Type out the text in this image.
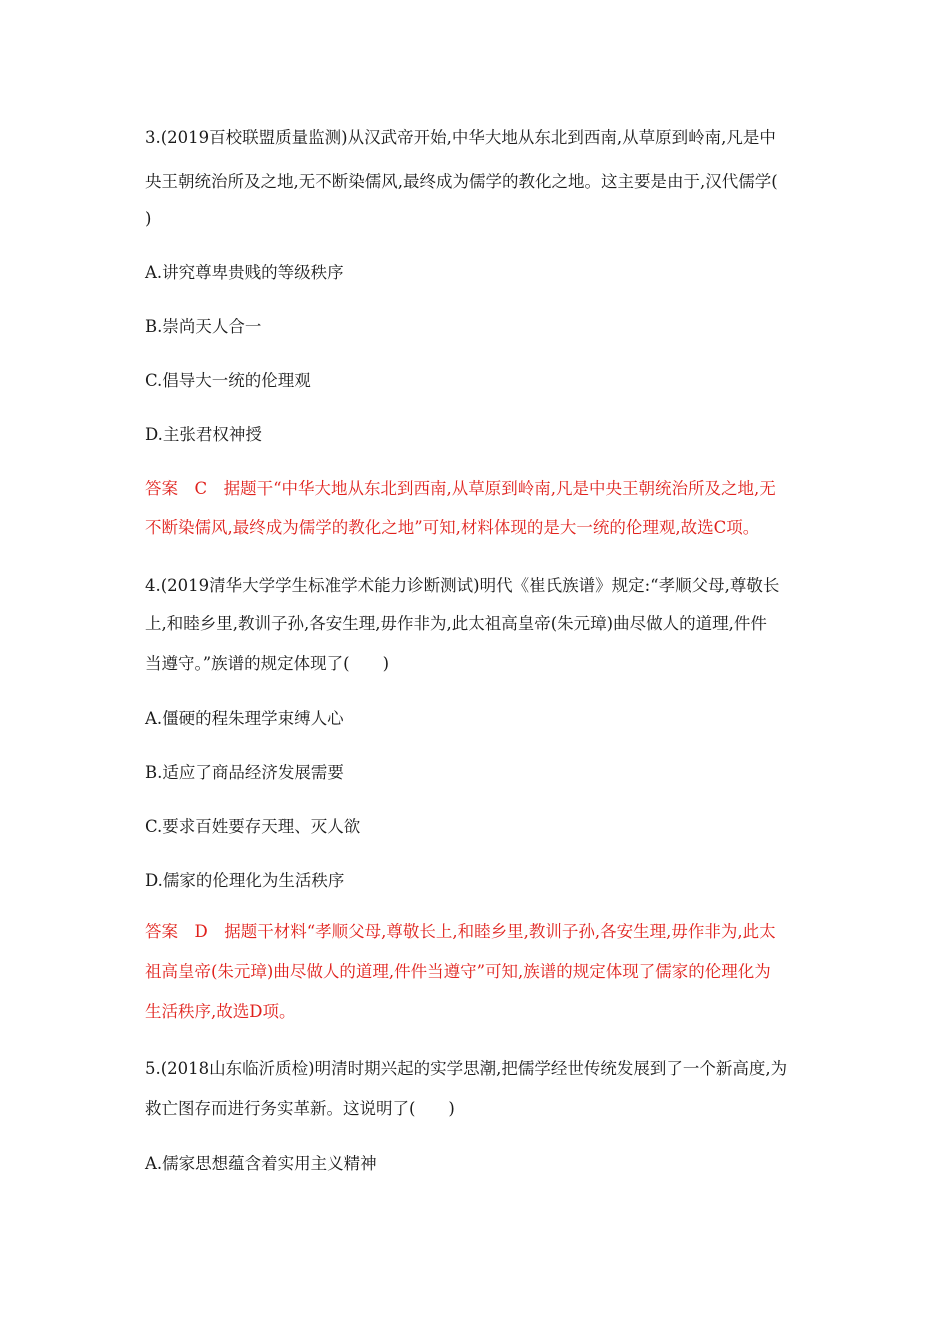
3.(2019百校联盟质量监测)从汉武帝开始,中华大地从东北到西南,从草原到岭南,凡是中
央王朝统治所及之地,无不断染儒风,最终成为儒学的教化之地。这主要是由于,汉代儒学(
)
A.讲究尊卑贵贱的等级秩序
B.崇尚天人合一
C.倡导大一统的伦理观
D.主张君权神授
答案　C　据题干“中华大地从东北到西南,从草原到岭南,凡是中央王朝统治所及之地,无
不断染儒风,最终成为儒学的教化之地”可知,材料体现的是大一统的伦理观,故选C项。
4.(2019清华大学学生标准学术能力诊断测试)明代《崔氏族谱》规定:“孝顺父母,尊敬长
上,和睦乡里,教训子孙,各安生理,毋作非为,此太祖高皇帝(朱元璋)曲尽做人的道理,件件
当遵守。”族谱的规定体现了(　　)
A.僵硬的程朱理学束缚人心
B.适应了商品经济发展需要
C.要求百姓要存天理、灭人欲
D.儒家的伦理化为生活秩序
答案　D　据题干材料“孝顺父母,尊敬长上,和睦乡里,教训子孙,各安生理,毋作非为,此太
祖高皇帝(朱元璋)曲尽做人的道理,件件当遵守”可知,族谱的规定体现了儒家的伦理化为
生活秩序,故选D项。
5.(2018山东临沂质检)明清时期兴起的实学思潮,把儒学经世传统发展到了一个新高度,为
救亡图存而进行务实革新。这说明了(　　)
A.儒家思想蕴含着实用主义精神
